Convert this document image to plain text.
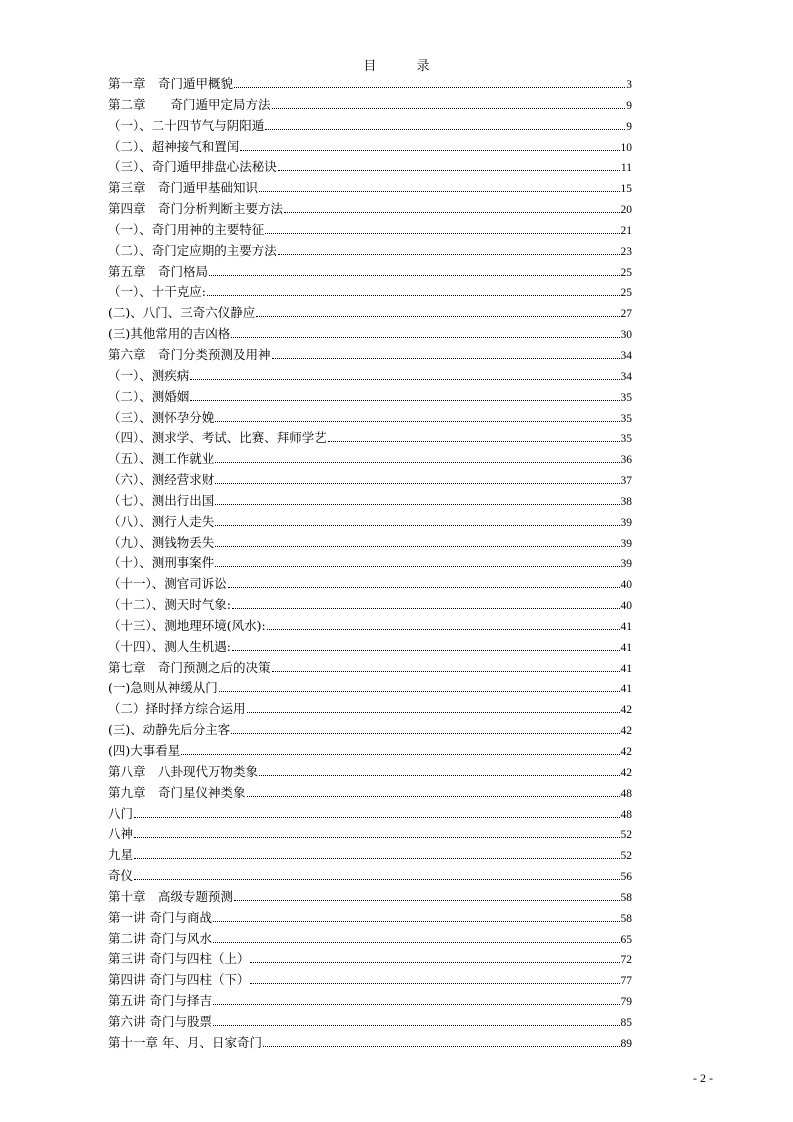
目 录
第一章　奇门遁甲概貌	3
第二章　　奇门遁甲定局方法	9
（一）、二十四节气与阴阳遁	9
（二）、超神接气和置闰	10
（三）、奇门遁甲排盘心法秘诀	11
第三章　奇门遁甲基础知识	15
第四章　奇门分析判断主要方法	20
（一）、奇门用神的主要特征	21
（二）、奇门定应期的主要方法	23
第五章　奇门格局	25
（一）、十干克应:	25
(二)、八门、三奇六仪静应	27
(三)其他常用的吉凶格	30
第六章　奇门分类预测及用神	34
（一）、测疾病	34
（二）、测婚姻	35
（三）、测怀孕分娩	35
（四）、测求学、考试、比赛、拜师学艺	35
（五）、测工作就业	36
（六）、测经营求财	37
（七）、测出行出国	38
（八）、测行人走失	39
（九）、测钱物丢失	39
（十）、测刑事案件	39
（十一）、测官司诉讼	40
（十二）、测天时气象:	40
（十三）、测地理环境(风水):	41
（十四）、测人生机遇:	41
第七章　奇门预测之后的决策	41
(一)急则从神缓从门	41
（二）择时择方综合运用	42
(三)、动静先后分主客	42
(四)大事看星	42
第八章　八卦现代万物类象	42
第九章　奇门星仪神类象	48
八门	48
八神	52
九星	52
奇仪	56
第十章　高级专题预测	58
第一讲 奇门与商战	58
第二讲 奇门与风水	65
第三讲 奇门与四柱（上）	72
第四讲 奇门与四柱（下）	77
第五讲 奇门与择吉	79
第六讲 奇门与股票	85
第十一章 年、月、日家奇门	89
- 2 -
